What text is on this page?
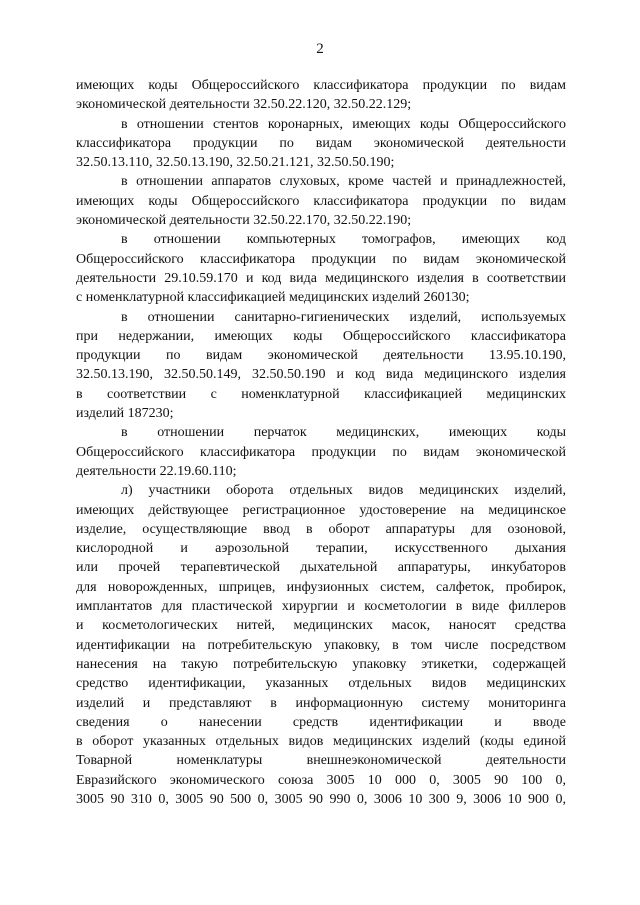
2
имеющих коды Общероссийского классификатора продукции по видам
экономической деятельности 32.50.22.120, 32.50.22.129;
в отношении стентов коронарных, имеющих коды Общероссийского
классификатора продукции по видам экономической деятельности
32.50.13.110, 32.50.13.190, 32.50.21.121, 32.50.50.190;
в отношении аппаратов слуховых, кроме частей и принадлежностей,
имеющих коды Общероссийского классификатора продукции по видам
экономической деятельности 32.50.22.170, 32.50.22.190;
в отношении компьютерных томографов, имеющих код
Общероссийского классификатора продукции по видам экономической
деятельности 29.10.59.170 и код вида медицинского изделия в соответствии
с номенклатурной классификацией медицинских изделий 260130;
в отношении санитарно-гигиенических изделий, используемых
при недержании, имеющих коды Общероссийского классификатора
продукции по видам экономической деятельности 13.95.10.190,
32.50.13.190, 32.50.50.149, 32.50.50.190 и код вида медицинского изделия
в соответствии с номенклатурной классификацией медицинских
изделий 187230;
в отношении перчаток медицинских, имеющих коды
Общероссийского классификатора продукции по видам экономической
деятельности 22.19.60.110;
л) участники оборота отдельных видов медицинских изделий,
имеющих действующее регистрационное удостоверение на медицинское
изделие, осуществляющие ввод в оборот аппаратуры для озоновой,
кислородной и аэрозольной терапии, искусственного дыхания
или прочей терапевтической дыхательной аппаратуры, инкубаторов
для новорожденных, шприцев, инфузионных систем, салфеток, пробирок,
имплантатов для пластической хирургии и косметологии в виде филлеров
и косметологических нитей, медицинских масок, наносят средства
идентификации на потребительскую упаковку, в том числе посредством
нанесения на такую потребительскую упаковку этикетки, содержащей
средство идентификации, указанных отдельных видов медицинских
изделий и представляют в информационную систему мониторинга
сведения о нанесении средств идентификации и вводе
в оборот указанных отдельных видов медицинских изделий (коды единой
Товарной номенклатуры внешнеэкономической деятельности
Евразийского экономического союза 3005 10 000 0, 3005 90 100 0,
3005 90 310 0, 3005 90 500 0, 3005 90 990 0, 3006 10 300 9, 3006 10 900 0,
